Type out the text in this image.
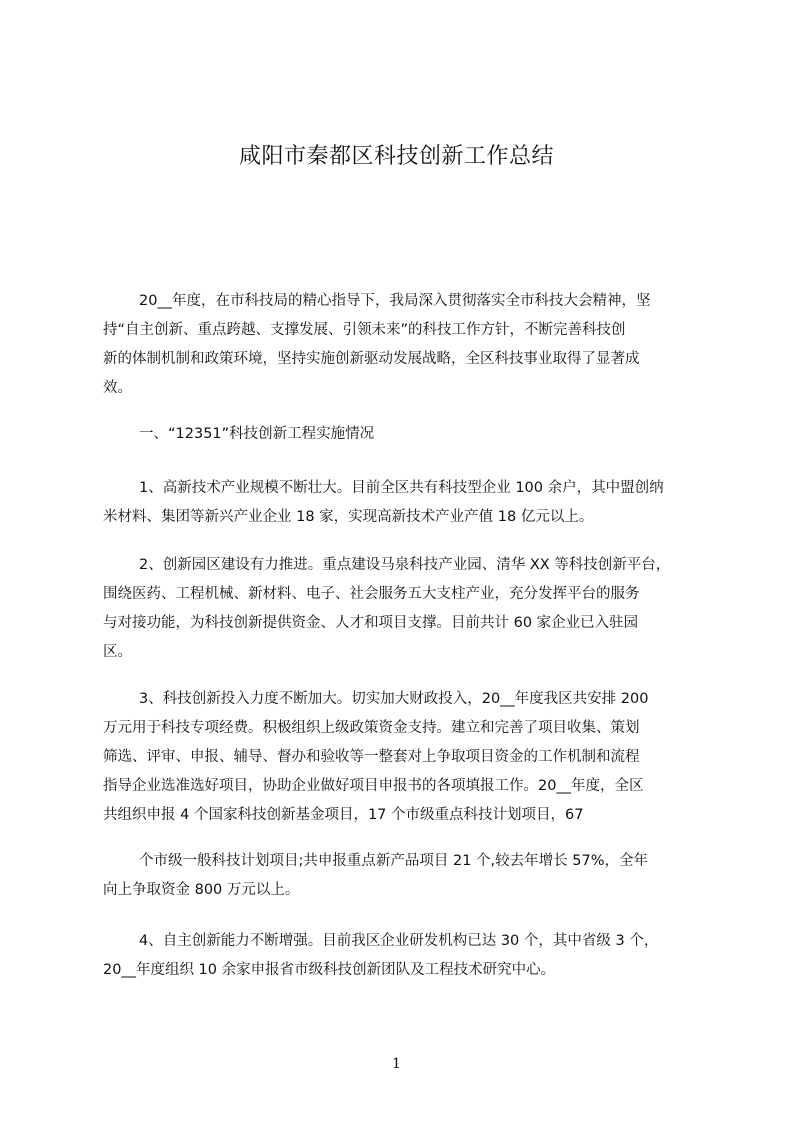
咸阳市秦都区科技创新工作总结
20__年度，在市科技局的精心指导下，我局深入贯彻落实全市科技大会精神，坚
持“自主创新、重点跨越、支撑发展、引领未来”的科技工作方针，不断完善科技创
新的体制机制和政策环境，坚持实施创新驱动发展战略，全区科技事业取得了显著成
效。
一、“12351”科技创新工程实施情况
1、高新技术产业规模不断壮大。目前全区共有科技型企业 100 余户，其中盟创纳
米材料、集团等新兴产业企业 18 家，实现高新技术产业产值 18 亿元以上。
2、创新园区建设有力推进。重点建设马泉科技产业园、清华 XX 等科技创新平台，
围绕医药、工程机械、新材料、电子、社会服务五大支柱产业，充分发挥平台的服务
与对接功能，为科技创新提供资金、人才和项目支撑。目前共计 60 家企业已入驻园
区。
3、科技创新投入力度不断加大。切实加大财政投入，20__年度我区共安排 200
万元用于科技专项经费。积极组织上级政策资金支持。建立和完善了项目收集、策划
筛选、评审、申报、辅导、督办和验收等一整套对上争取项目资金的工作机制和流程
指导企业选准选好项目，协助企业做好项目申报书的各项填报工作。20__年度，全区
共组织申报 4 个国家科技创新基金项目，17 个市级重点科技计划项目，67
个市级一般科技计划项目;共申报重点新产品项目 21 个,较去年增长 57%，全年
向上争取资金 800 万元以上。
4、自主创新能力不断增强。目前我区企业研发机构已达 30 个，其中省级 3 个，
20__年度组织 10 余家申报省市级科技创新团队及工程技术研究中心。
1
